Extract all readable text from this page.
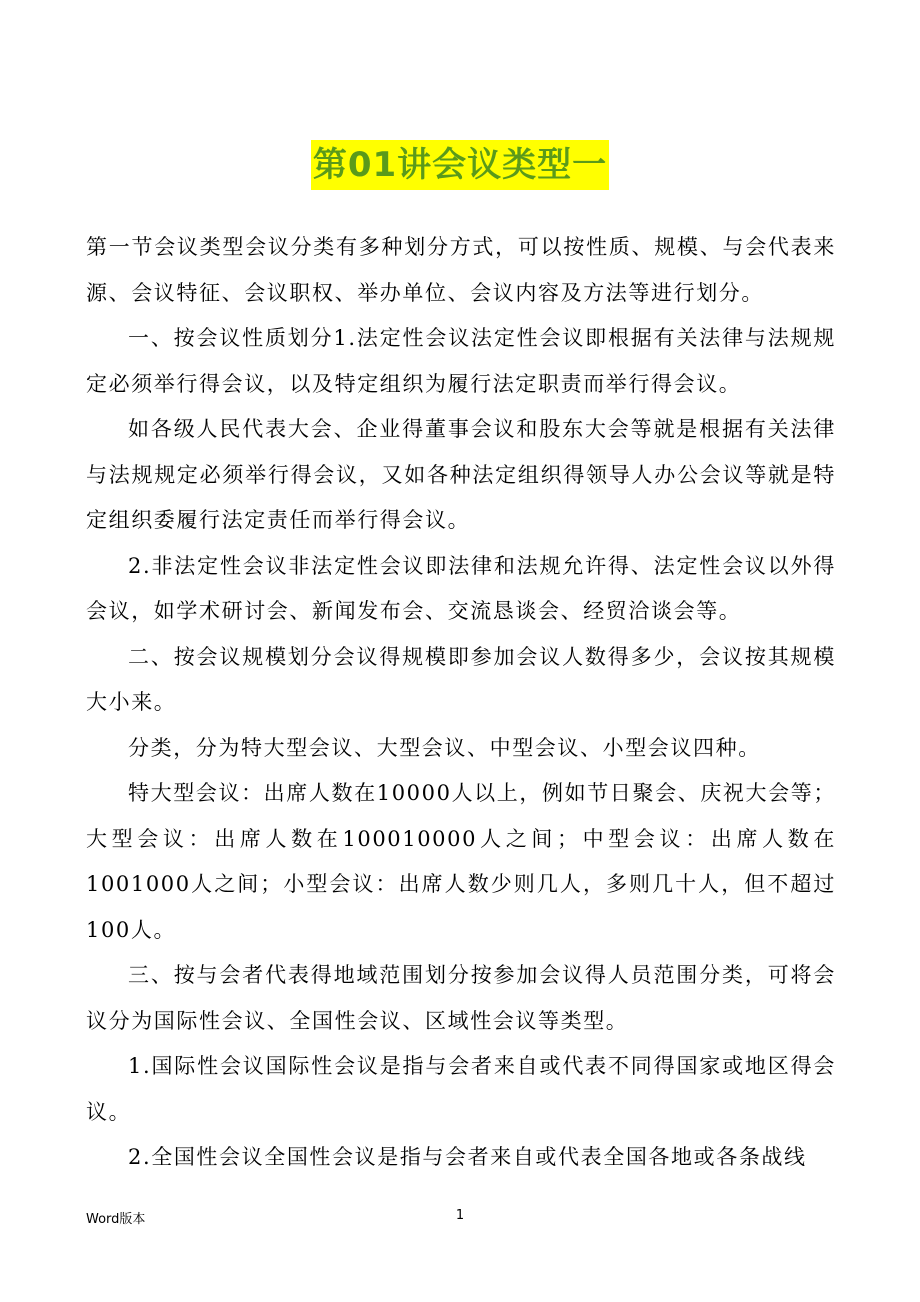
第01讲会议类型一

第一节会议类型会议分类有多种划分方式，可以按性质、规模、与会代表来源、会议特征、会议职权、举办单位、会议内容及方法等进行划分。

一、按会议性质划分1.法定性会议法定性会议即根据有关法律与法规规定必须举行得会议，以及特定组织为履行法定职责而举行得会议。

如各级人民代表大会、企业得董事会议和股东大会等就是根据有关法律与法规规定必须举行得会议，又如各种法定组织得领导人办公会议等就是特定组织委履行法定责任而举行得会议。

2.非法定性会议非法定性会议即法律和法规允许得、法定性会议以外得会议，如学术研讨会、新闻发布会、交流恳谈会、经贸洽谈会等。

二、按会议规模划分会议得规模即参加会议人数得多少，会议按其规模大小来。

分类，分为特大型会议、大型会议、中型会议、小型会议四种。

特大型会议：出席人数在10000人以上，例如节日聚会、庆祝大会等；大型会议：出席人数在100010000人之间；中型会议：出席人数在1001000人之间；小型会议：出席人数少则几人，多则几十人，但不超过100人。

三、按与会者代表得地域范围划分按参加会议得人员范围分类，可将会议分为国际性会议、全国性会议、区域性会议等类型。

1.国际性会议国际性会议是指与会者来自或代表不同得国家或地区得会议。

2.全国性会议全国性会议是指与会者来自或代表全国各地或各条战线

Word版本	1
